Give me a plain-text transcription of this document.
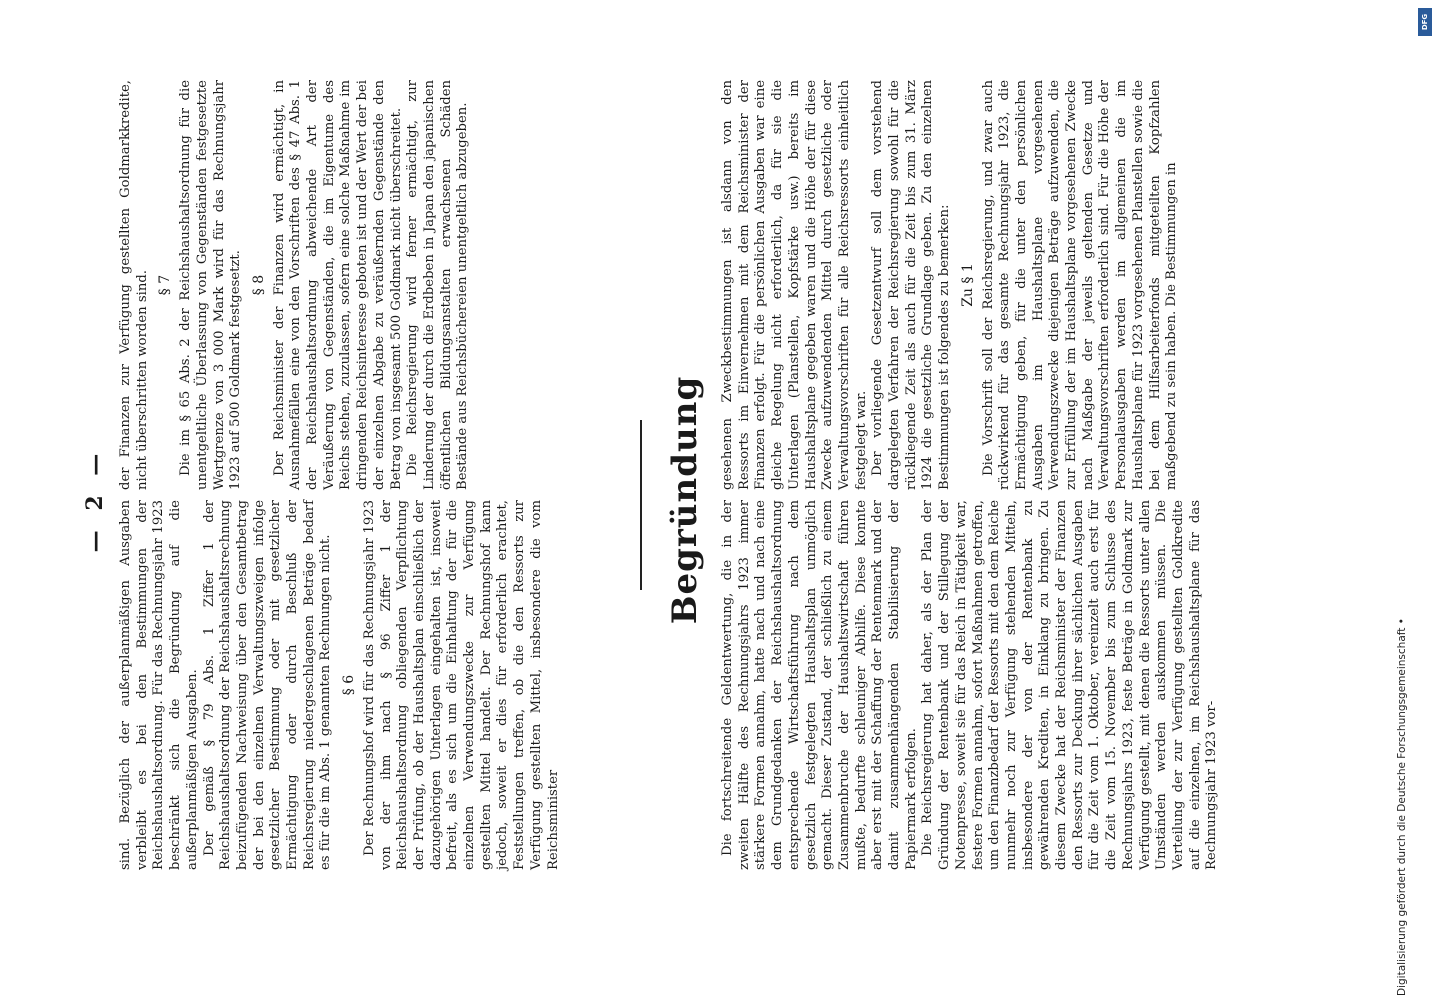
— 2 — sind. Bezüglich der außerplanmäßigen Ausgaben verbleibt es bei den Bestimmungen der Reichshaushaltsordnung. Für das Rechnungsjahr 1923 beschränkt sich die Begründung auf die außerplanmäßigen Ausgaben. Der gemäß § 79 Abs. 1 Ziffer 1 der Reichshaushaltsordnung der Reichshaushaltsrechnung beizufügenden Nachweisung über den Gesamtbetrag der bei den einzelnen Verwaltungszweigen infolge gesetzlicher Bestimmung oder mit gesetzlicher Ermächtigung oder durch Beschluß der Reichsregierung niedergeschlagenen Beträge bedarf es für die im Abs. 1 genannten Rechnungen nicht. § 6 Der Rechnungshof wird für das Rechnungsjahr 1923 von der ihm nach § 96 Ziffer 1 der Reichshaushaltsordnung obliegenden Verpflichtung der Prüfung, ob der Haushaltsplan einschließlich der dazugehörigen Unterlagen eingehalten ist, insoweit befreit, als es sich um die Einhaltung der für die einzelnen Verwendungszwecke zur Verfügung gestellten Mittel handelt. Der Rechnungshof kann jedoch, soweit er dies für erforderlich erachtet, Feststellungen treffen, ob die den Ressorts zur Verfügung gestellten Mittel, insbesondere die vom Reichsminister

der Finanzen zur Verfügung gestellten Goldmarkkredite, nicht überschritten worden sind. § 7 Die im § 65 Abs. 2 der Reichshaushaltsordnung für die unentgeltliche Überlassung von Gegenständen festgesetzte Wertgrenze von 3 000 Mark wird für das Rechnungsjahr 1923 auf 500 Goldmark festgesetzt. § 8 Der Reichsminister der Finanzen wird ermächtigt, in Ausnahmefällen eine von den Vorschriften des § 47 Abs. 1 der Reichshaushaltsordnung abweichende Art der Veräußerung von Gegenständen, die im Eigentume des Reichs stehen, zuzulassen, sofern eine solche Maßnahme im dringenden Reichsinteresse geboten ist und der Wert der bei der einzelnen Abgabe zu veräußernden Gegenstände den Betrag von insgesamt 500 Goldmark nicht überschreitet. Die Reichsregierung wird ferner ermächtigt, zur Linderung der durch die Erdbeben in Japan den japanischen öffentlichen Bildungsanstalten erwachsenen Schäden Bestände aus Reichsbüchereien unentgeltlich abzugeben.

Begründung Die fortschreitende Geldentwertung, die in der zweiten Hälfte des Rechnungsjahrs 1923 immer stärkere Formen annahm, hatte nach und nach eine dem Grundgedanken der Reichshaushaltsordnung entsprechende Wirtschaftsführung nach dem gesetzlich festgelegten Haushaltsplan unmöglich gemacht. Dieser Zustand, der schließlich zu einem Zusammenbruche der Haushaltswirtschaft führen mußte, bedurfte schleuniger Abhilfe. Diese konnte aber erst mit der Schaffung der Rentenmark und der damit zusammenhängenden Stabilisierung der Papiermark erfolgen. Die Reichsregierung hat daher, als der Plan der Gründung der Rentenbank und der Stillegung der Notenpresse, soweit sie für das Reich in Tätigkeit war, festere Formen annahm, sofort Maßnahmen getroffen, um den Finanzbedarf der Ressorts mit den dem Reiche nunmehr noch zur Verfügung stehenden Mitteln, insbesondere der von der Rentenbank zu gewährenden Krediten, in Einklang zu bringen. Zu diesem Zwecke hat der Reichsminister der Finanzen den Ressorts zur Deckung ihrer sächlichen Ausgaben für die Zeit vom 1. Oktober, vereinzelt auch erst für die Zeit vom 15. November bis zum Schlusse des Rechnungsjahrs 1923, feste Beträge in Goldmark zur Verfügung gestellt, mit denen die Ressorts unter allen Umständen werden auskommen müssen. Die Verteilung der zur Verfügung gestellten Goldkredite auf die einzelnen, im Reichshaushaltsplane für das Rechnungsjahr 1923 vor-

gesehenen Zweckbestimmungen ist alsdann von den Ressorts im Einvernehmen mit dem Reichsminister der Finanzen erfolgt. Für die persönlichen Ausgaben war eine gleiche Regelung nicht erforderlich, da für sie die Unterlagen (Planstellen, Kopfstärke usw.) bereits im Haushaltsplane gegeben waren und die Höhe der für diese Zwecke aufzuwendenden Mittel durch gesetzliche oder Verwaltungsvorschriften für alle Reichsressorts einheitlich festgelegt war. Der vorliegende Gesetzentwurf soll dem vorstehend dargelegten Verfahren der Reichsregierung sowohl für die rückliegende Zeit als auch für die Zeit bis zum 31. März 1924 die gesetzliche Grundlage geben. Zu den einzelnen Bestimmungen ist folgendes zu bemerken: Zu § 1 Die Vorschrift soll der Reichsregierung, und zwar auch rückwirkend für das gesamte Rechnungsjahr 1923, die Ermächtigung geben, für die unter den persönlichen Ausgaben im Haushaltsplane vorgesehenen Verwendungszwecke diejenigen Beträge aufzuwenden, die zur Erfüllung der im Haushaltsplane vorgesehenen Zwecke nach Maßgabe der jeweils geltenden Gesetze und Verwaltungsvorschriften erforderlich sind. Für die Höhe der Personalausgaben werden im allgemeinen die im Haushaltsplane für 1923 vorgesehenen Planstellen sowie die bei dem Hilfsarbeiterfonds mitgeteilten Kopfzahlen maßgebend zu sein haben. Die Bestimmungen in

Digitalisierung gefördert durch die Deutsche Forschungsgemeinschaft •
DFG
